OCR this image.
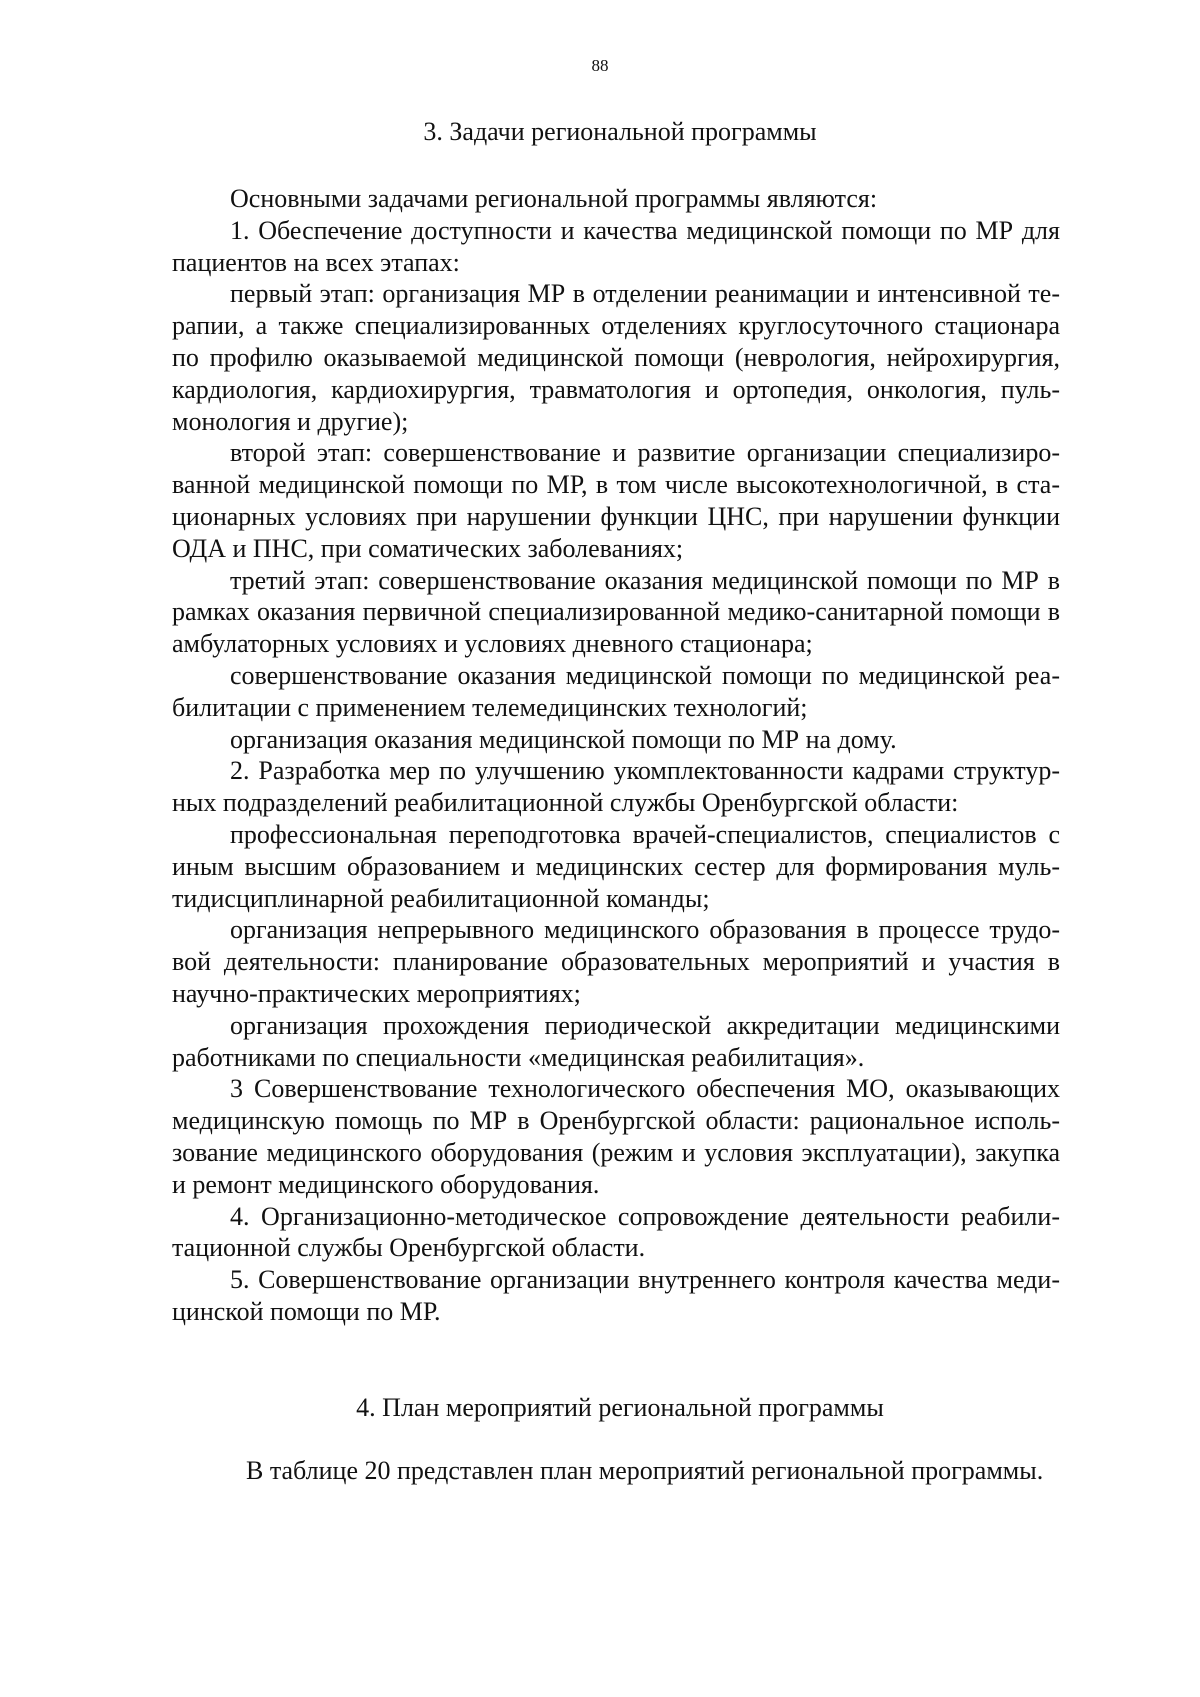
88
3. Задачи региональной программы

Основными задачами региональной программы являются:

1. Обеспечение доступности и качества медицинской помощи по МР для пациентов на всех этапах:

первый этап: организация МР в отделении реанимации и интенсивной терапии, а также специализированных отделениях круглосуточного стационара по профилю оказываемой медицинской помощи (неврология, нейрохирургия, кардиология, кардиохирургия, травматология и ортопедия, онкология, пульмонология и другие);

второй этап: совершенствование и развитие организации специализированной медицинской помощи по МР, в том числе высокотехнологичной, в стационарных условиях при нарушении функции ЦНС, при нарушении функции ОДА и ПНС, при соматических заболеваниях;

третий этап: совершенствование оказания медицинской помощи по МР в рамках оказания первичной специализированной медико-санитарной помощи в амбулаторных условиях и условиях дневного стационара;

совершенствование оказания медицинской помощи по медицинской реабилитации с применением телемедицинских технологий;

организация оказания медицинской помощи по МР на дому.

2. Разработка мер по улучшению укомплектованности кадрами структурных подразделений реабилитационной службы Оренбургской области:

профессиональная переподготовка врачей-специалистов, специалистов с иным высшим образованием и медицинских сестер для формирования мультидисциплинарной реабилитационной команды;

организация непрерывного медицинского образования в процессе трудовой деятельности: планирование образовательных мероприятий и участия в научно-практических мероприятиях;

организация прохождения периодической аккредитации медицинскими работниками по специальности «медицинская реабилитация».

3 Совершенствование технологического обеспечения МО, оказывающих медицинскую помощь по МР в Оренбургской области: рациональное использование медицинского оборудования (режим и условия эксплуатации), закупка и ремонт медицинского оборудования.

4. Организационно-методическое сопровождение деятельности реабилитационной службы Оренбургской области.

5. Совершенствование организации внутреннего контроля качества медицинской помощи по МР.

4. План мероприятий региональной программы

В таблице 20 представлен план мероприятий региональной программы.
